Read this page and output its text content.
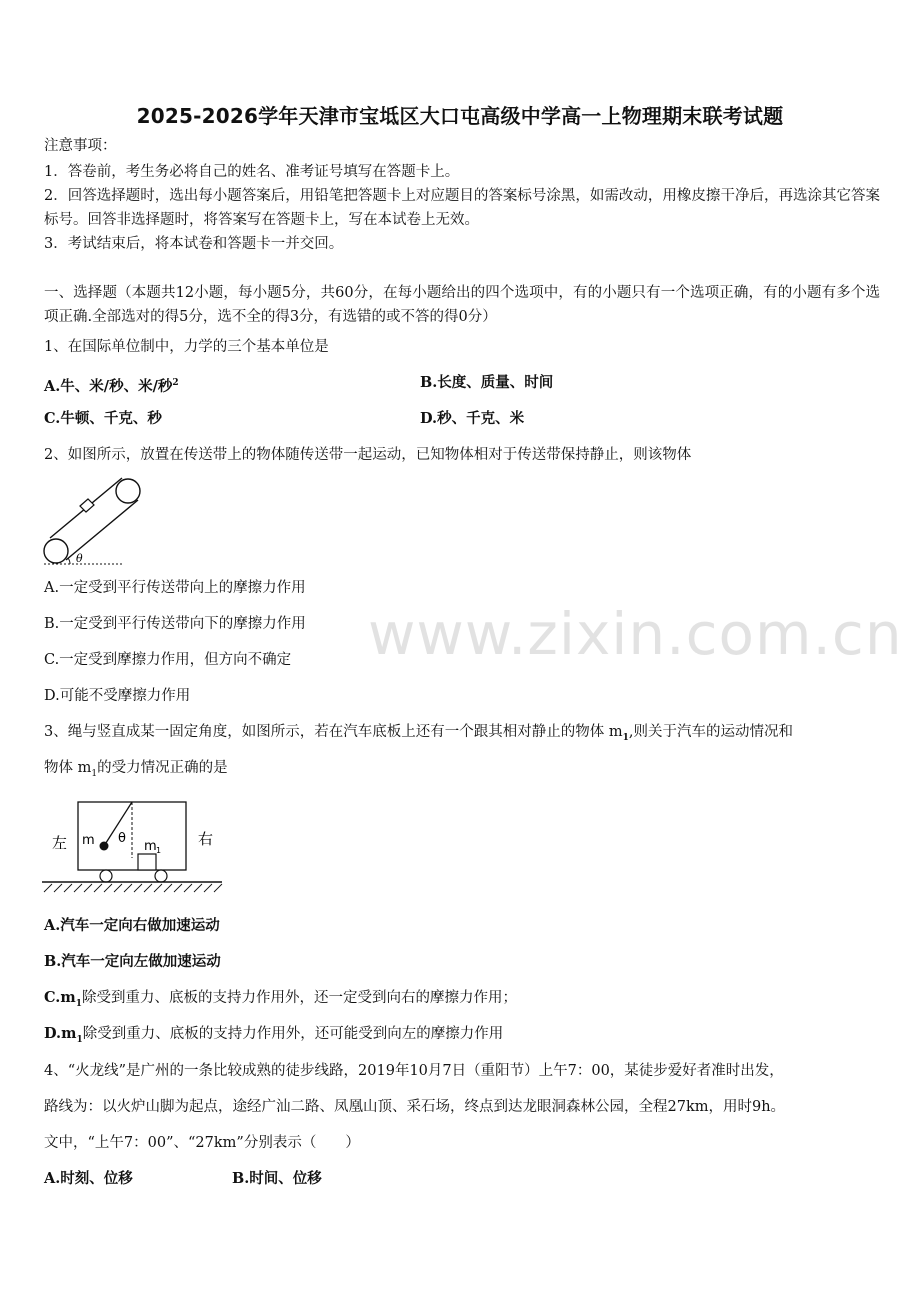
2025-2026学年天津市宝坻区大口屯高级中学高一上物理期末联考试题
注意事项：
1．答卷前，考生务必将自己的姓名、准考证号填写在答题卡上。
2．回答选择题时，选出每小题答案后，用铅笔把答题卡上对应题目的答案标号涂黑，如需改动，用橡皮擦干净后，再选涂其它答案标号。回答非选择题时，将答案写在答题卡上，写在本试卷上无效。
3．考试结束后，将本试卷和答题卡一并交回。
一、选择题（本题共12小题，每小题5分，共60分，在每小题给出的四个选项中，有的小题只有一个选项正确，有的小题有多个选项正确.全部选对的得5分，选不全的得3分，有选错的或不答的得0分）
1、在国际单位制中，力学的三个基本单位是
A.牛、米/秒、米/秒$^2$	B.长度、质量、时间
C.牛顿、千克、秒	D.秒、千克、米
2、如图所示，放置在传送带上的物体随传送带一起运动，已知物体相对于传送带保持静止，则该物体
θ
A.一定受到平行传送带向上的摩擦力作用
B.一定受到平行传送带向下的摩擦力作用
C.一定受到摩擦力作用，但方向不确定
D.可能不受摩擦力作用
3、绳与竖直成某一固定角度，如图所示，若在汽车底板上还有一个跟其相对静止的物体 $m_1$,则关于汽车的运动情况和
物体 $m_1$的受力情况正确的是
左	右
m θ
m 1
A.汽车一定向右做加速运动
B.汽车一定向左做加速运动
$C.m_1$除受到重力、底板的支持力作用外，还一定受到向右的摩擦力作用；
$D.m_1$除受到重力、底板的支持力作用外，还可能受到向左的摩擦力作用
4、“火龙线”是广州的一条比较成熟的徒步线路，2019年10月7日（重阳节）上午7：00，某徒步爱好者准时出发，
路线为：以火炉山脚为起点，途经广汕二路、凤凰山顶、采石场，终点到达龙眼洞森林公园，全程27km，用时9h。
文中，“上午7：00”、“27km”分别表示（　　）
A.时刻、位移	B.时间、位移
www.zixin.com.cn
